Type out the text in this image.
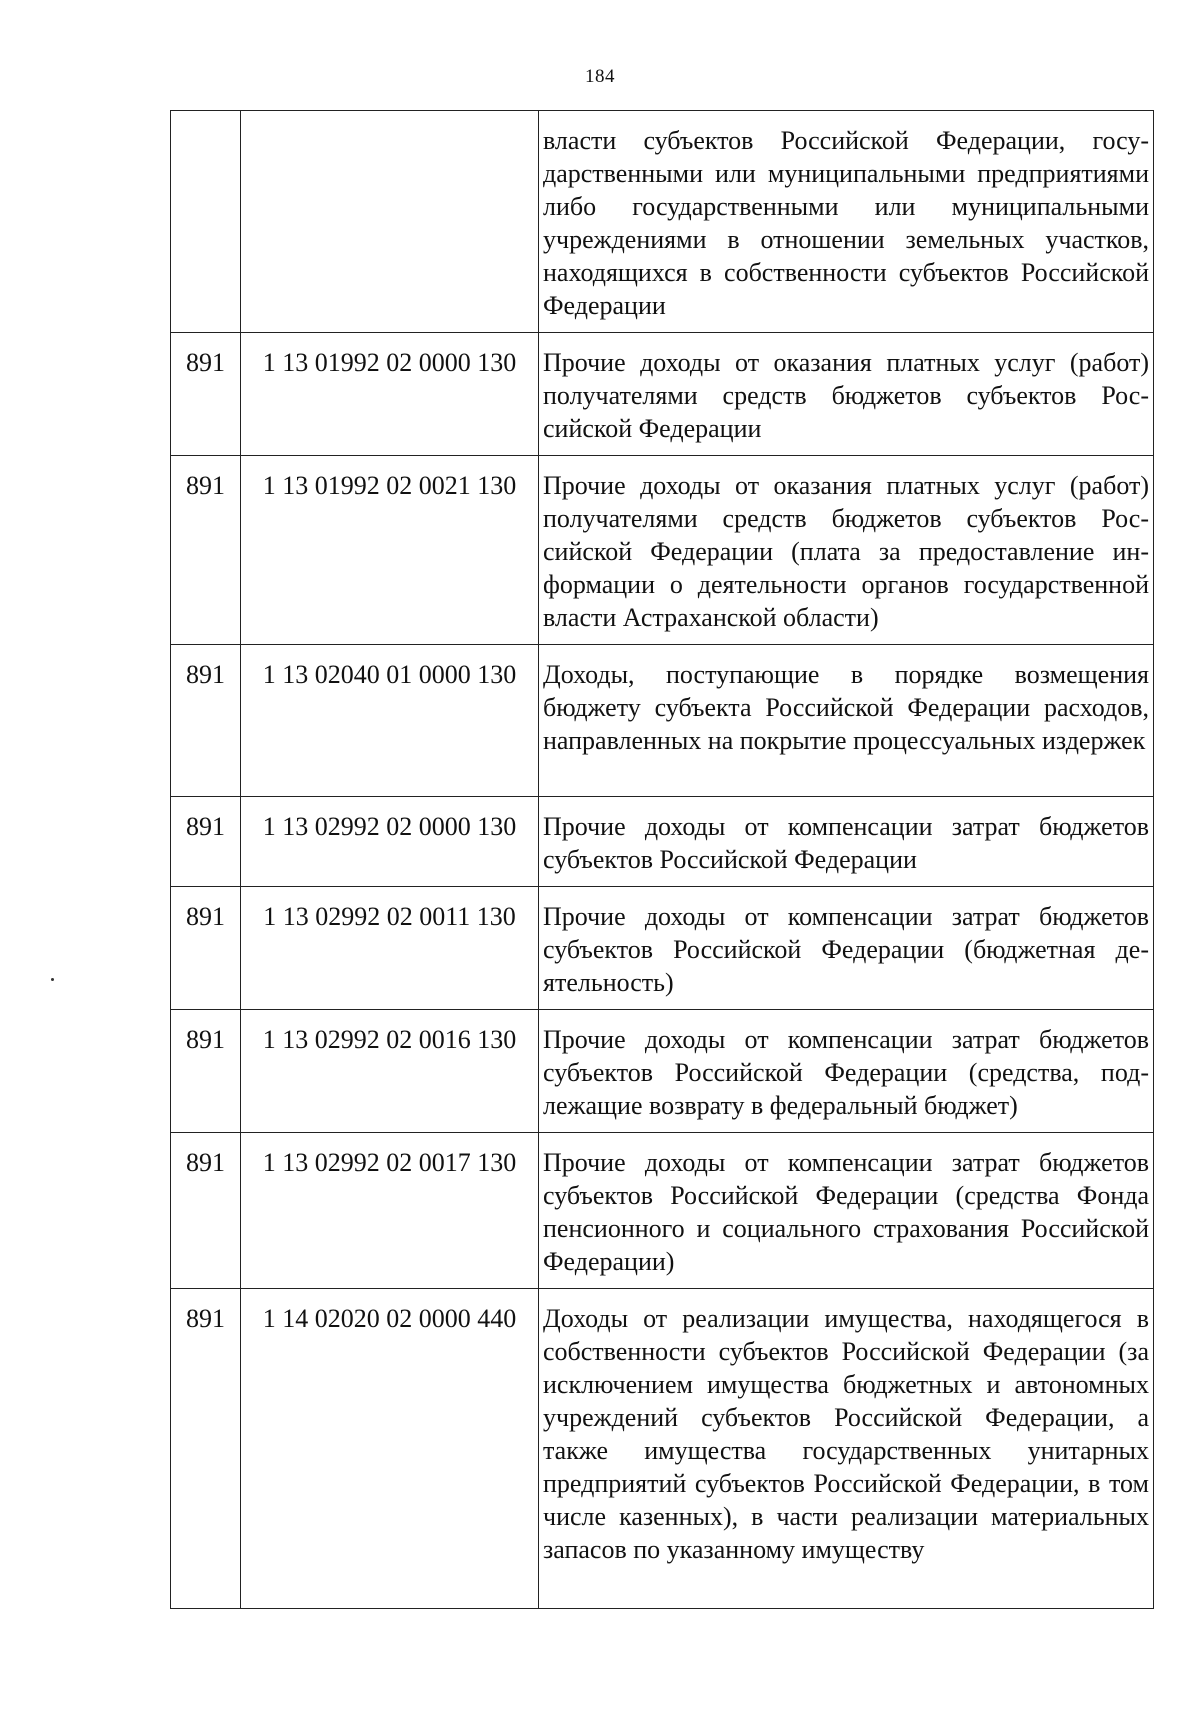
184
		власти субъектов Российской Федерации, государственными или муниципальными предприятиями либо государственными или муниципальными учреждениями в отношении земельных участков, находящихся в собственности субъектов Российской Федерации
891	1 13 01992 02 0000 130	Прочие доходы от оказания платных услуг (работ) получателями средств бюджетов субъектов Российской Федерации
891	1 13 01992 02 0021 130	Прочие доходы от оказания платных услуг (работ) получателями средств бюджетов субъектов Российской Федерации (плата за предоставление информации о деятельности органов государственной власти Астраханской области)
891	1 13 02040 01 0000 130	Доходы, поступающие в порядке возмещения бюджету субъекта Российской Федерации расходов, направленных на покрытие процессуальных издержек
891	1 13 02992 02 0000 130	Прочие доходы от компенсации затрат бюджетов субъектов Российской Федерации
891	1 13 02992 02 0011 130	Прочие доходы от компенсации затрат бюджетов субъектов Российской Федерации (бюджетная деятельность)
891	1 13 02992 02 0016 130	Прочие доходы от компенсации затрат бюджетов субъектов Российской Федерации (средства, подлежащие возврату в федеральный бюджет)
891	1 13 02992 02 0017 130	Прочие доходы от компенсации затрат бюджетов субъектов Российской Федерации (средства Фонда пенсионного и социального страхования Российской Федерации)
891	1 14 02020 02 0000 440	Доходы от реализации имущества, находящегося в собственности субъектов Российской Федерации (за исключением имущества бюджетных и автономных учреждений субъектов Российской Федерации, а также имущества государственных унитарных предприятий субъектов Российской Федерации, в том числе казенных), в части реализации материальных запасов по указанному имуществу
